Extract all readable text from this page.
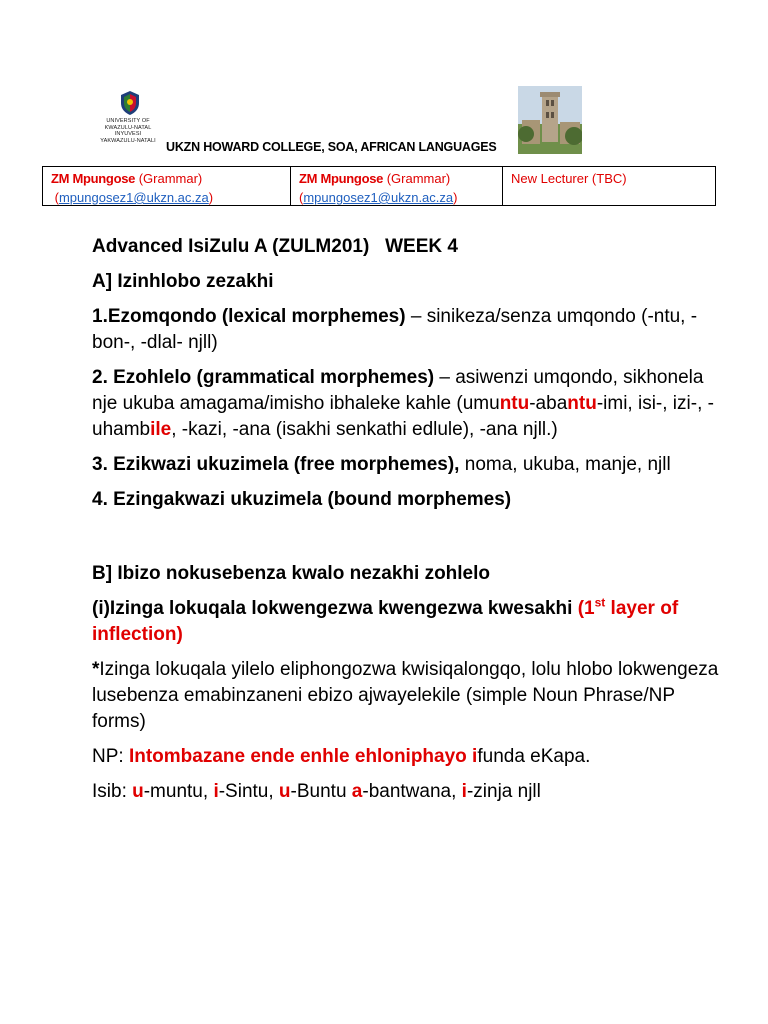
UNIVERSITY OF
KWAZULU-NATAL
INYUVESI
YAKWAZULU-NATALI UKZN HOWARD COLLEGE, SOA, AFRICAN LANGUAGES
ZM Mpungose (Grammar)
(mpungosez1@ukzn.ac.za)
ZM Mpungose (Grammar)
(mpungosez1@ukzn.ac.za)
New Lecturer (TBC)

Advanced IsiZulu A (ZULM201)   WEEK 4

A] Izinhlobo zezakhi

1.Ezomqondo (lexical morphemes) – sinikeza/senza umqondo (-ntu, -bon-, -dlal- njll)

2. Ezohlelo (grammatical morphemes) – asiwenzi umqondo, sikhonela nje ukuba amagama/imisho ibhaleke kahle (umuntu-abantu-imi, isi-, izi-, -uhambile, -kazi, -ana (isakhi senkathi edlule), -ana njll.)

3. Ezikwazi ukuzimela (free morphemes), noma, ukuba, manje, njll

4. Ezingakwazi ukuzimela (bound morphemes)

B] Ibizo nokusebenza kwalo nezakhi zohlelo

(i)Izinga lokuqala lokwengezwa kwengezwa kwesakhi (1st layer of inflection)

*Izinga lokuqala yilelo eliphongozwa kwisiqalongqo, lolu hlobo lokwengeza lusebenza emabinzaneni ebizo ajwayelekile (simple Noun Phrase/NP forms)

NP: Intombazane ende enhle ehloniphayo ifunda eKapa.

Isib: u-muntu, i-Sintu, u-Buntu a-bantwana, i-zinja njll
